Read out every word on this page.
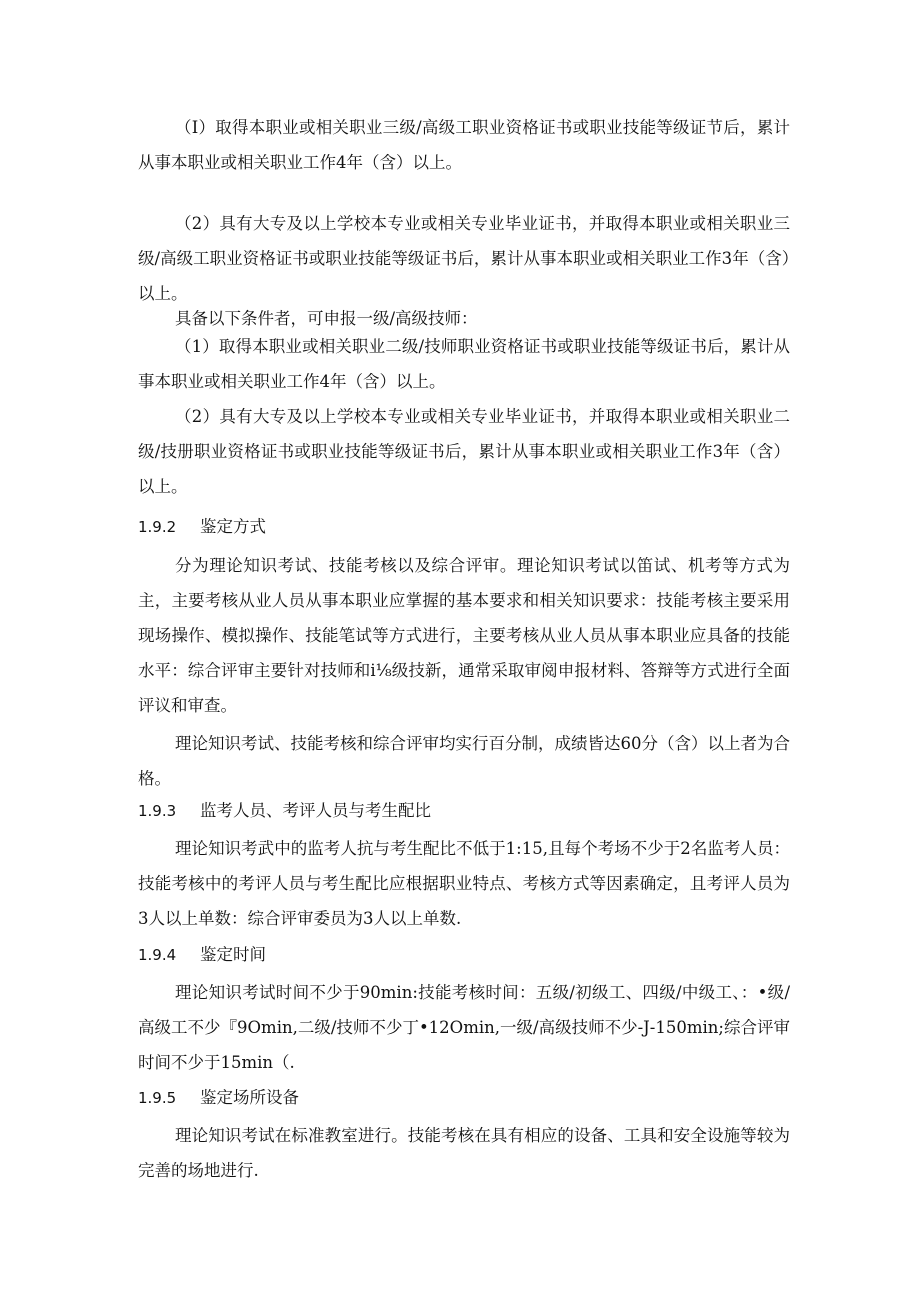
（I）取得本职业或相关职业三级/高级工职业资格证书或职业技能等级证节后，累计从事本职业或相关职业工作4年（含）以上。

（2）具有大专及以上学校本专业或相关专业毕业证书，并取得本职业或相关职业三级/高级工职业资格证书或职业技能等级证书后，累计从事本职业或相关职业工作3年（含）以上。

具备以下条件者，可申报一级/高级技师：

（1）取得本职业或相关职业二级/技师职业资格证书或职业技能等级证书后，累计从事本职业或相关职业工作4年（含）以上。

（2）具有大专及以上学校本专业或相关专业毕业证书，并取得本职业或相关职业二级/技册职业资格证书或职业技能等级证书后，累计从事本职业或相关职业工作3年（含）以上。

1.9.2 鉴定方式

分为理论知识考试、技能考核以及综合评审。理论知识考试以笛试、机考等方式为主，主要考核从业人员从事本职业应掌握的基本要求和相关知识要求：技能考核主要采用现场操作、模拟操作、技能笔试等方式进行，主要考核从业人员从事本职业应具备的技能水平：综合评审主要针对技师和i⅛级技新，通常采取审阅申报材料、答辩等方式进行全面评议和审查。

理论知识考试、技能考核和综合评审均实行百分制，成绩皆达60分（含）以上者为合格。

1.9.3 监考人员、考评人员与考生配比

理论知识考武中的监考人抗与考生配比不低于1:15,且每个考场不少于2名监考人员：技能考核中的考评人员与考生配比应根据职业特点、考核方式等因素确定，且考评人员为3人以上单数：综合评审委员为3人以上单数.

1.9.4 鉴定时间

理论知识考试时间不少于90min:技能考核时间：五级/初级工、四级/中级工、：•级/高级工不少『9Omin,二级/技师不少丁•12Omin,一级/高级技师不少-J-150min;综合评审时间不少于15min（.

1.9.5 鉴定场所设备

理论知识考试在标准教室进行。技能考核在具有相应的设备、工具和安全设施等较为完善的场地进行.
